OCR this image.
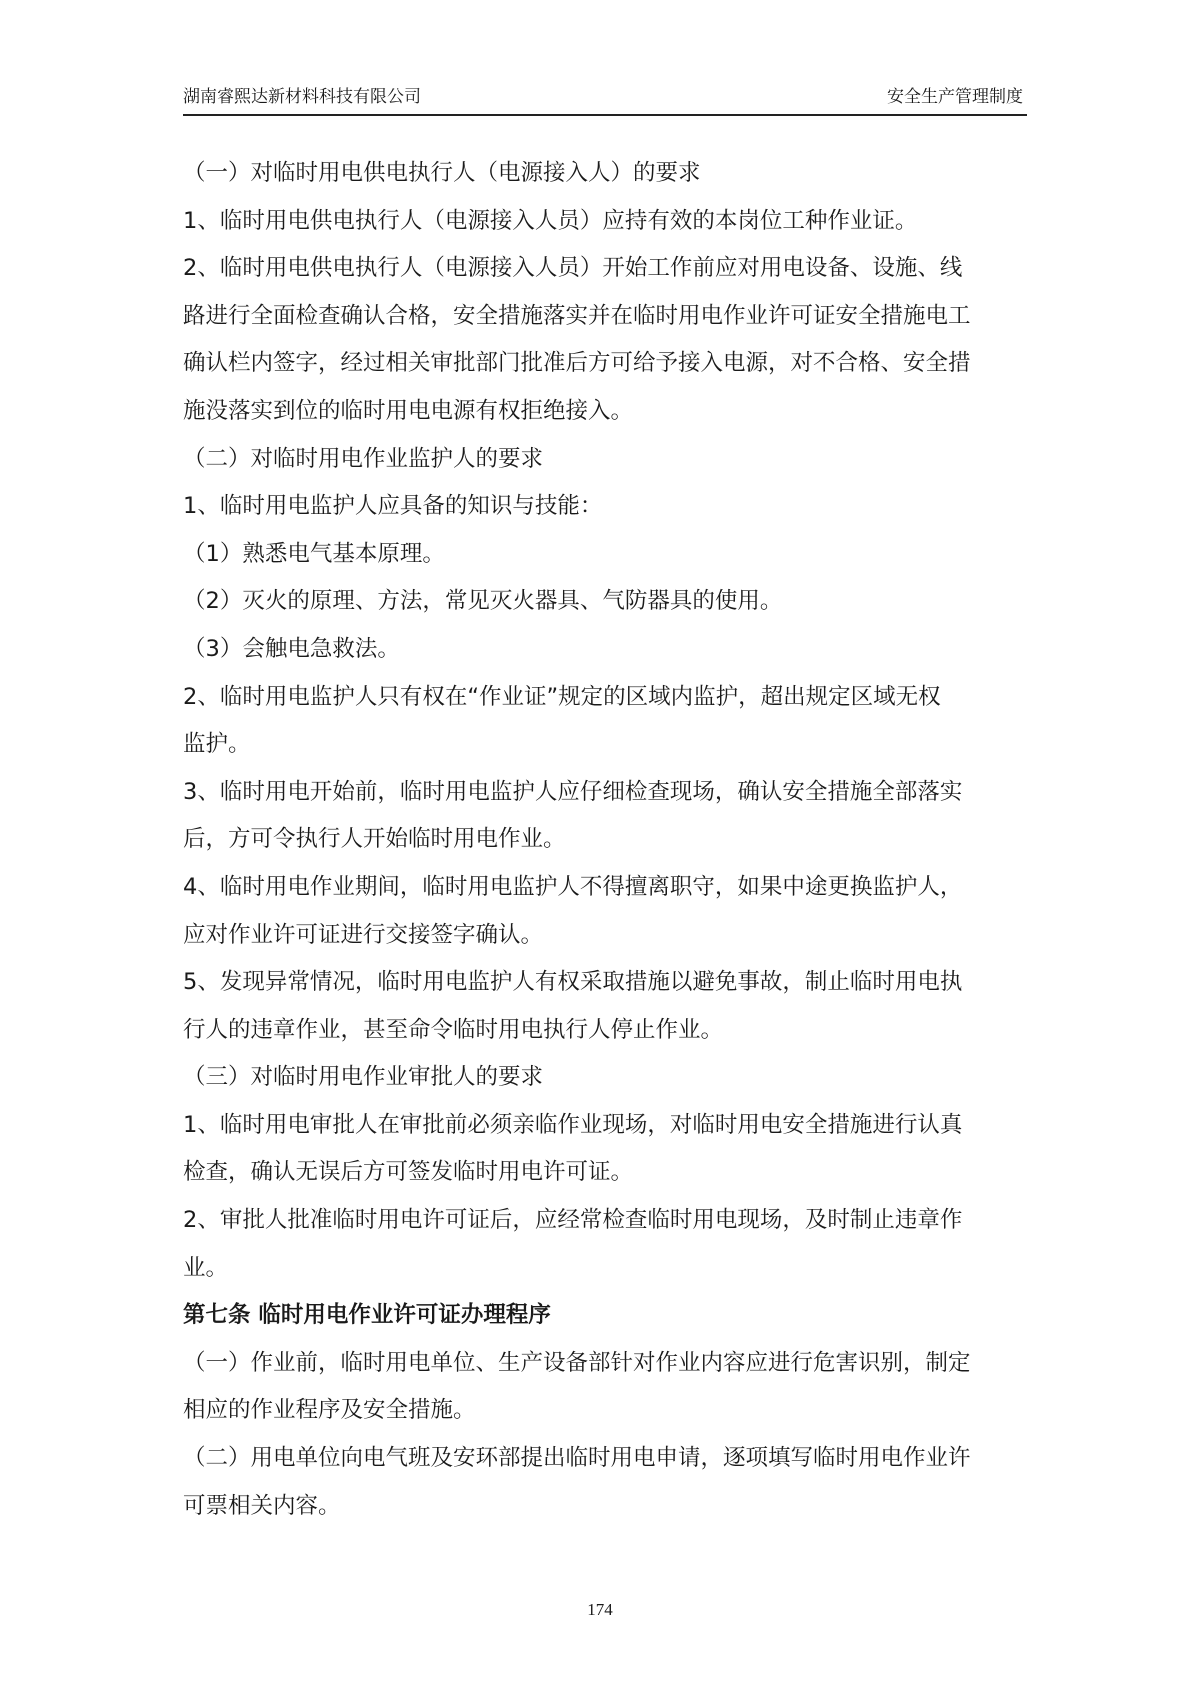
湖南睿熙达新材料科技有限公司	安全生产管理制度
（一）对临时用电供电执行人（电源接入人）的要求
1、临时用电供电执行人（电源接入人员）应持有效的本岗位工种作业证。
2、临时用电供电执行人（电源接入人员）开始工作前应对用电设备、设施、线
路进行全面检查确认合格，安全措施落实并在临时用电作业许可证安全措施电工
确认栏内签字，经过相关审批部门批准后方可给予接入电源，对不合格、安全措
施没落实到位的临时用电电源有权拒绝接入。
（二）对临时用电作业监护人的要求
1、临时用电监护人应具备的知识与技能：
（1）熟悉电气基本原理。
（2）灭火的原理、方法，常见灭火器具、气防器具的使用。
（3）会触电急救法。
2、临时用电监护人只有权在“作业证”规定的区域内监护，超出规定区域无权
监护。
3、临时用电开始前，临时用电监护人应仔细检查现场，确认安全措施全部落实
后，方可令执行人开始临时用电作业。
4、临时用电作业期间，临时用电监护人不得擅离职守，如果中途更换监护人，
应对作业许可证进行交接签字确认。
5、发现异常情况，临时用电监护人有权采取措施以避免事故，制止临时用电执
行人的违章作业，甚至命令临时用电执行人停止作业。
（三）对临时用电作业审批人的要求
1、临时用电审批人在审批前必须亲临作业现场，对临时用电安全措施进行认真
检查，确认无误后方可签发临时用电许可证。
2、审批人批准临时用电许可证后，应经常检查临时用电现场，及时制止违章作
业。
第七条 临时用电作业许可证办理程序
（一）作业前，临时用电单位、生产设备部针对作业内容应进行危害识别，制定
相应的作业程序及安全措施。
（二）用电单位向电气班及安环部提出临时用电申请，逐项填写临时用电作业许
可票相关内容。
174
